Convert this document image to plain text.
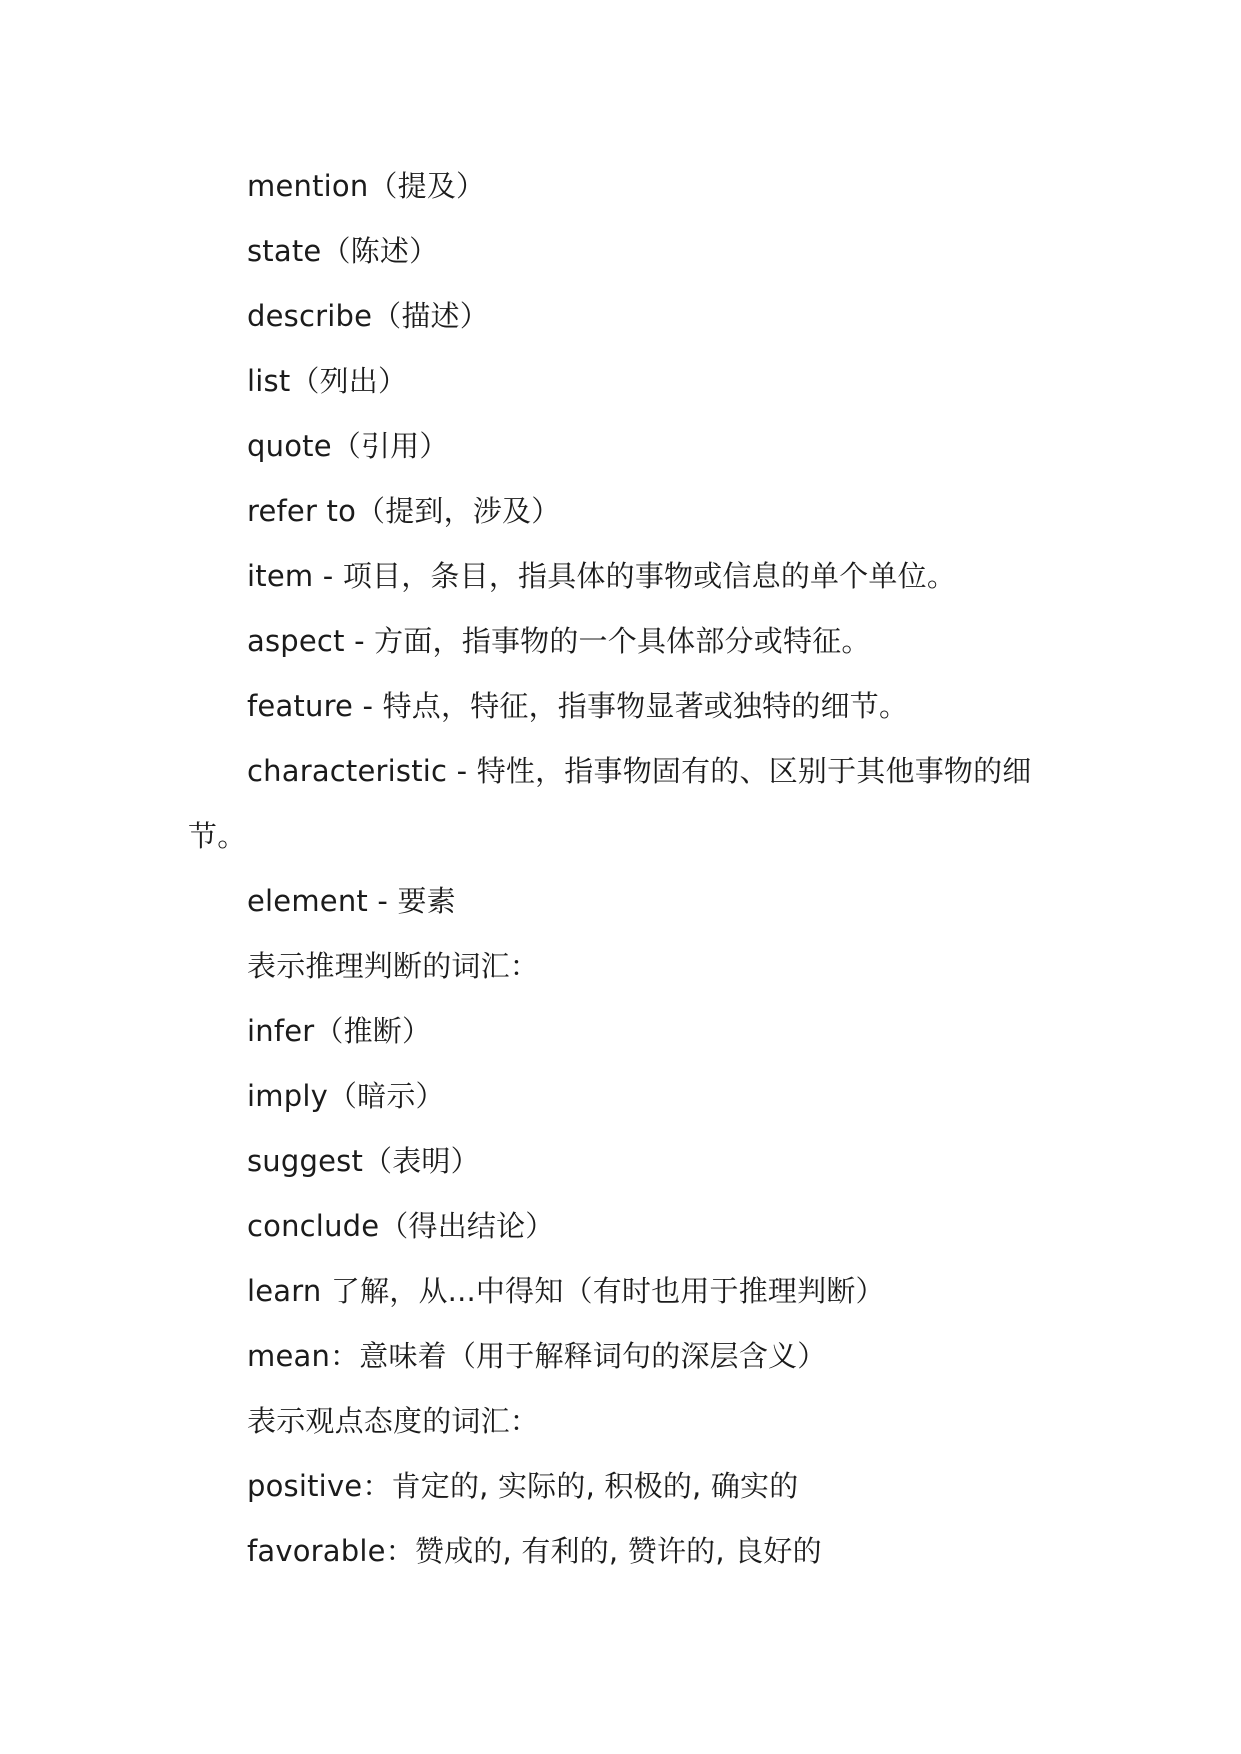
mention（提及）
state（陈述）
describe（描述）
list（列出）
quote（引用）
refer to（提到，涉及）
item - 项目，条目，指具体的事物或信息的单个单位。
aspect - 方面，指事物的一个具体部分或特征。
feature - 特点，特征，指事物显著或独特的细节。
characteristic - 特性，指事物固有的、区别于其他事物的细节。
element - 要素
表示推理判断的词汇：
infer（推断）
imply（暗示）
suggest（表明）
conclude（得出结论）
learn 了解，从...中得知（有时也用于推理判断）
mean：意味着（用于解释词句的深层含义）
表示观点态度的词汇：
positive：肯定的, 实际的, 积极的, 确实的
favorable：赞成的, 有利的, 赞许的, 良好的
